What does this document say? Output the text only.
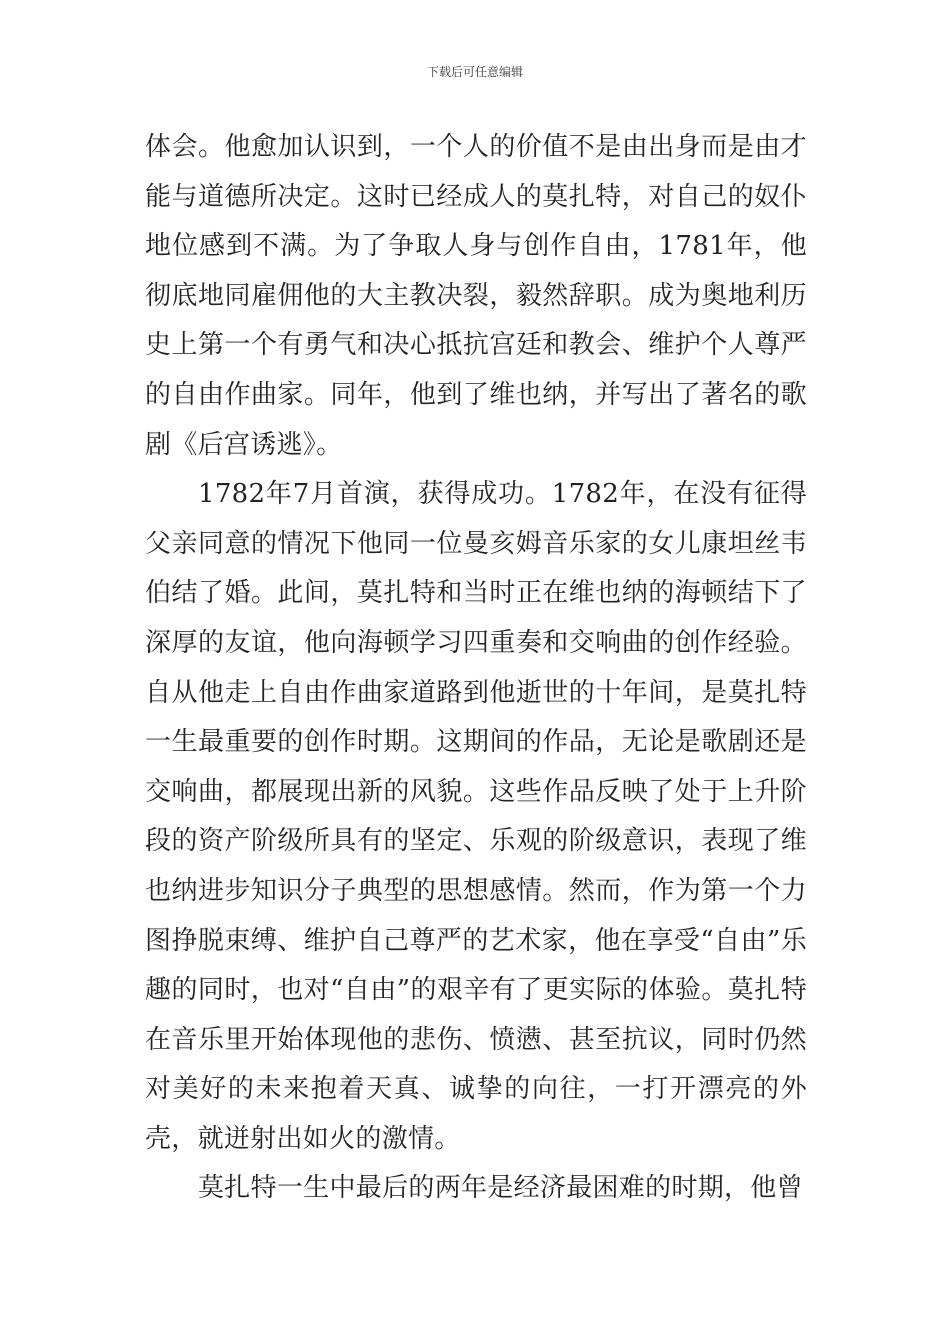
下载后可任意编辑

体会。他愈加认识到，一个人的价值不是由出身而是由才能与道德所决定。这时已经成人的莫扎特，对自己的奴仆地位感到不满。为了争取人身与创作自由，1781年，他彻底地同雇佣他的大主教决裂，毅然辞职。成为奥地利历史上第一个有勇气和决心抵抗宫廷和教会、维护个人尊严的自由作曲家。同年，他到了维也纳，并写出了著名的歌剧《后宫诱逃》。

1782年7月首演，获得成功。1782年，在没有征得父亲同意的情况下他同一位曼亥姆音乐家的女儿康坦丝韦伯结了婚。此间，莫扎特和当时正在维也纳的海顿结下了深厚的友谊，他向海顿学习四重奏和交响曲的创作经验。自从他走上自由作曲家道路到他逝世的十年间，是莫扎特一生最重要的创作时期。这期间的作品，无论是歌剧还是交响曲，都展现出新的风貌。这些作品反映了处于上升阶段的资产阶级所具有的坚定、乐观的阶级意识，表现了维也纳进步知识分子典型的思想感情。然而，作为第一个力图挣脱束缚、维护自己尊严的艺术家，他在享受“自由”乐趣的同时，也对“自由”的艰辛有了更实际的体验。莫扎特在音乐里开始体现他的悲伤、愤懑、甚至抗议，同时仍然对美好的未来抱着天真、诚挚的向往，一打开漂亮的外壳，就迸射出如火的激情。

莫扎特一生中最后的两年是经济最困难的时期，他曾
